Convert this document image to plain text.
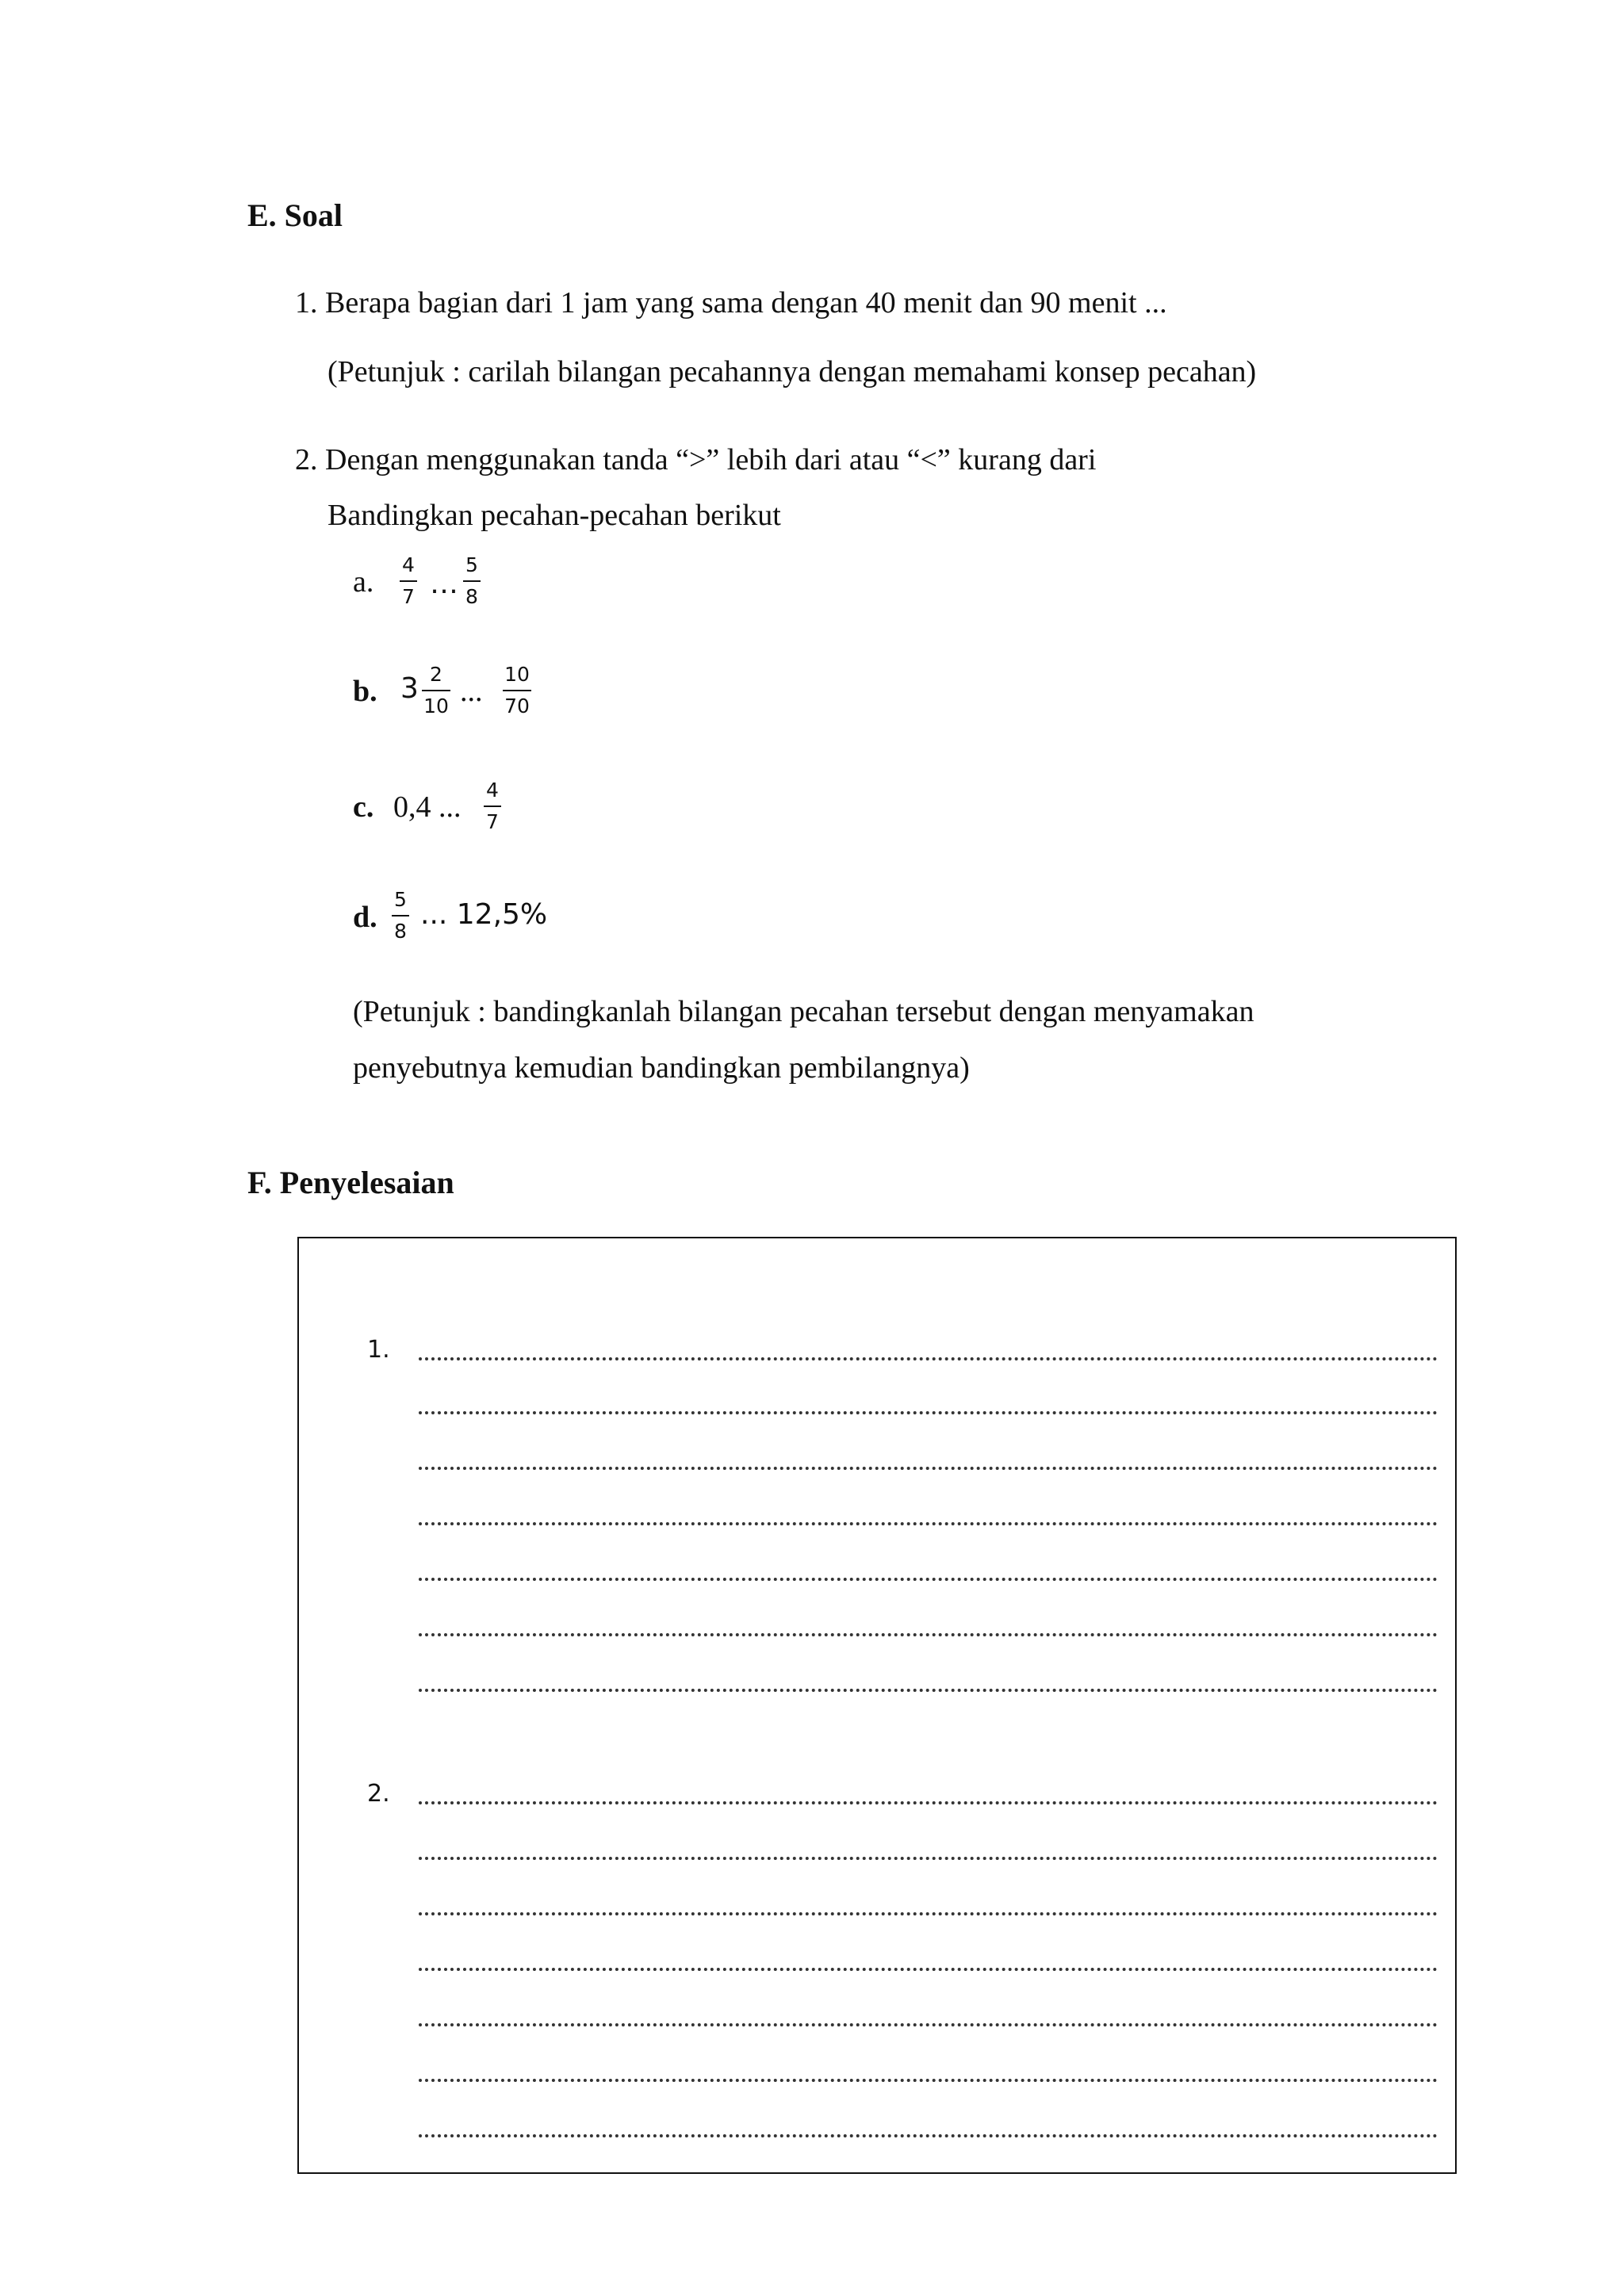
E. Soal
1. Berapa bagian dari 1 jam yang sama dengan 40 menit dan 90 menit ...
(Petunjuk : carilah bilangan pecahannya dengan memahami konsep pecahan)
2. Dengan menggunakan tanda “>” lebih dari atau “<” kurang dari
Bandingkan pecahan-pecahan berikut
a.
4
7 …
5
8
b. 3 2
10 ...
10
70
c. 0,4 ...
4
7
d.
5
8
... 12,5%
(Petunjuk : bandingkanlah bilangan pecahan tersebut dengan menyamakan
penyebutnya kemudian bandingkan pembilangnya)
F. Penyelesaian
1.
2.
